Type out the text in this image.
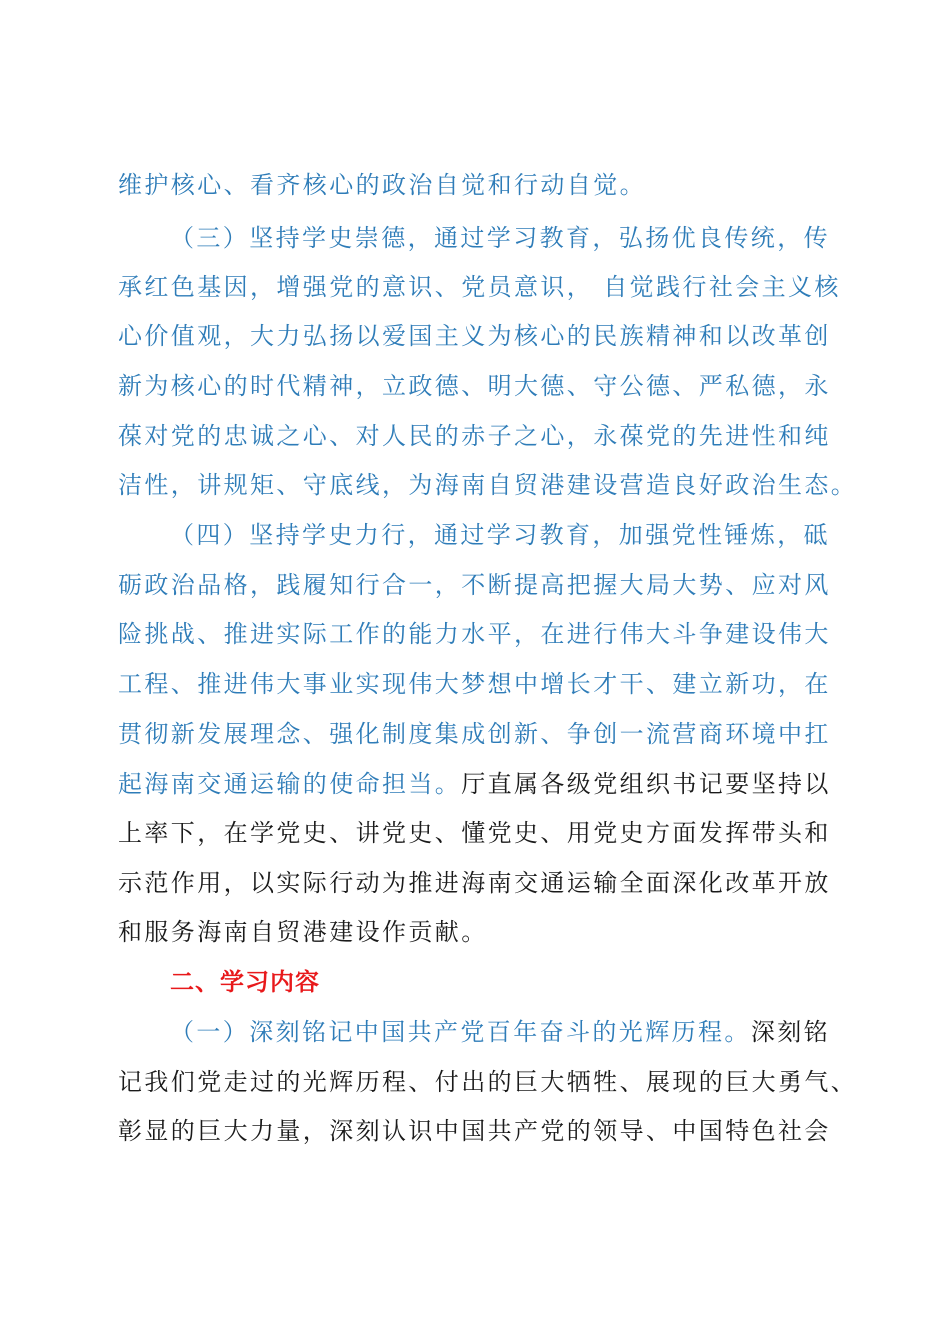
维护核心、看齐核心的政治自觉和行动自觉。
（三）坚持学史崇德，通过学习教育，弘扬优良传统，传
承红色基因，增强党的意识、党员意识， 自觉践行社会主义核
心价值观，大力弘扬以爱国主义为核心的民族精神和以改革创
新为核心的时代精神，立政德、明大德、守公德、严私德，永
葆对党的忠诚之心、对人民的赤子之心，永葆党的先进性和纯
洁性，讲规矩、守底线，为海南自贸港建设营造良好政治生态。
（四）坚持学史力行，通过学习教育，加强党性锤炼，砥
砺政治品格，践履知行合一，不断提高把握大局大势、应对风
险挑战、推进实际工作的能力水平，在进行伟大斗争建设伟大
工程、推进伟大事业实现伟大梦想中增长才干、建立新功，在
贯彻新发展理念、强化制度集成创新、争创一流营商环境中扛
起海南交通运输的使命担当。厅直属各级党组织书记要坚持以
上率下，在学党史、讲党史、懂党史、用党史方面发挥带头和
示范作用，以实际行动为推进海南交通运输全面深化改革开放
和服务海南自贸港建设作贡献。
二、学习内容
（一）深刻铭记中国共产党百年奋斗的光辉历程。深刻铭
记我们党走过的光辉历程、付出的巨大牺牲、展现的巨大勇气、
彰显的巨大力量，深刻认识中国共产党的领导、中国特色社会
